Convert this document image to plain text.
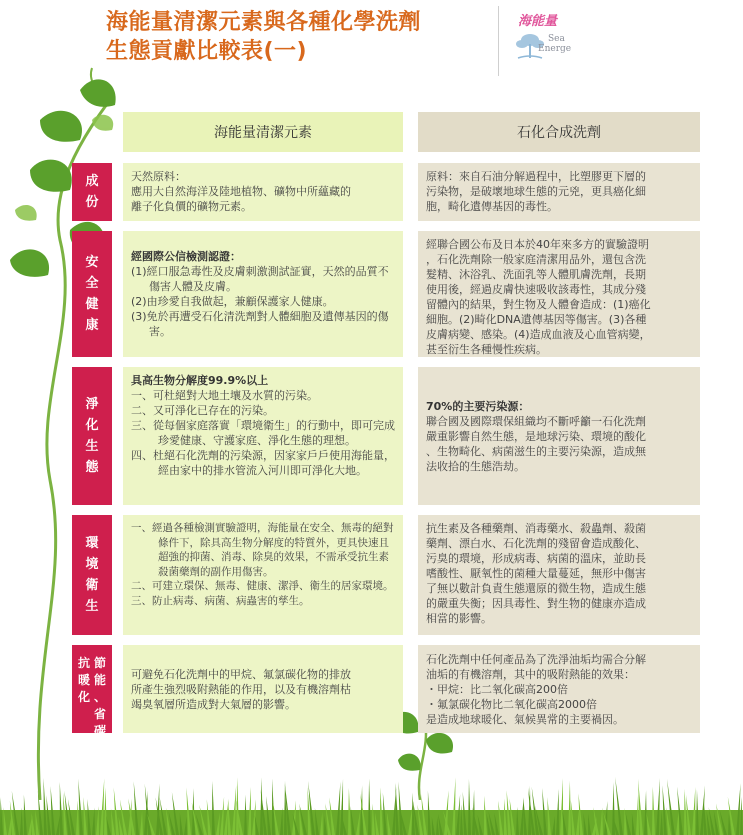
海能量清潔元素與各種化學洗劑
生態貢獻比較表(一)
海能量
Sea
Energe
海能量清潔元素	石化合成洗劑
成
份

天然原料：

應用大自然海洋及陸地植物、礦物中所蘊藏的

離子化負價的礦物元素。

原料：來自石油分解過程中，比塑膠更下層的

污染物，是破壞地球生態的元兇，更具癌化細

胞，畸化遺傳基因的毒性。

安
全
健
康

經國際公信檢測認證：

(1)經口服急毒性及皮膚刺激測試証實，天然的品質不傷害人體及皮膚。

(2)由珍愛自我做起，兼顧保護家人健康。

(3)免於再遭受石化清洗劑對人體細胞及遺傳基因的傷害。

經聯合國公布及日本於40年來多方的實驗證明

，石化洗劑除一般家庭清潔用品外，還包含洗

髮精、沐浴乳、洗面乳等人體肌膚洗劑，長期

使用後，經過皮膚快速吸收該毒性，其成分殘

留體內的結果，對生物及人體會造成：(1)癌化

細胞。(2)畸化DNA遺傳基因等傷害。(3)各種

皮膚病變、感染。(4)造成血液及心血管病變，

甚至衍生各種慢性疾病。

淨
化
生
態

具高生物分解度99.9%以上

一、可杜絕對大地土壤及水質的污染。

二、又可淨化已存在的污染。

三、從每個家庭落實「環境衛生」的行動中，即可完成珍愛健康、守護家庭、淨化生態的理想。

四、杜絕石化洗劑的污染源，因家家戶戶使用海能量，經由家中的排水管流入河川即可淨化大地。

70%的主要污染源：

聯合國及國際環保組織均不斷呼籲一石化洗劑

嚴重影響自然生態，是地球污染、環境的酸化

、生物畸化、病菌滋生的主要污染源，造成無

法收拾的生態浩劫。

環
境
衛
生

一、經過各種檢測實驗證明，海能量在安全、無毒的絕對條件下，除具高生物分解度的特質外，更具快速且超強的抑菌、消毒、除臭的效果，不需承受抗生素殺菌藥劑的副作用傷害。

二、可建立環保、無毒、健康、潔淨、衛生的居家環境。

三、防止病毒、病菌、病蟲害的孳生。

抗生素及各種藥劑、消毒藥水、殺蟲劑、殺菌

藥劑、漂白水、石化洗劑的殘留會造成酸化、

污臭的環境，形成病毒、病菌的溫床，並助長

嗜酸性、厭氧性的菌種大量蔓延，無形中傷害

了無以數計負責生態還原的微生物，造成生態

的嚴重失衡；因具毒性、對生物的健康亦造成

相當的影響。

抗
暖
化
節
能
、
省
碳

可避免石化洗劑中的甲烷、氟氯碳化物的排放

所產生強烈吸附熱能的作用，以及有機溶劑枯

竭臭氧層所造成對大氣層的影響。

石化洗劑中任何產品為了洗淨油垢均需合分解

油垢的有機溶劑，其中的吸附熱能的效果：

・甲烷：比二氧化碳高200倍

・氟氯碳化物比二氧化碳高2000倍

是造成地球暖化、氣候異常的主要禍因。
